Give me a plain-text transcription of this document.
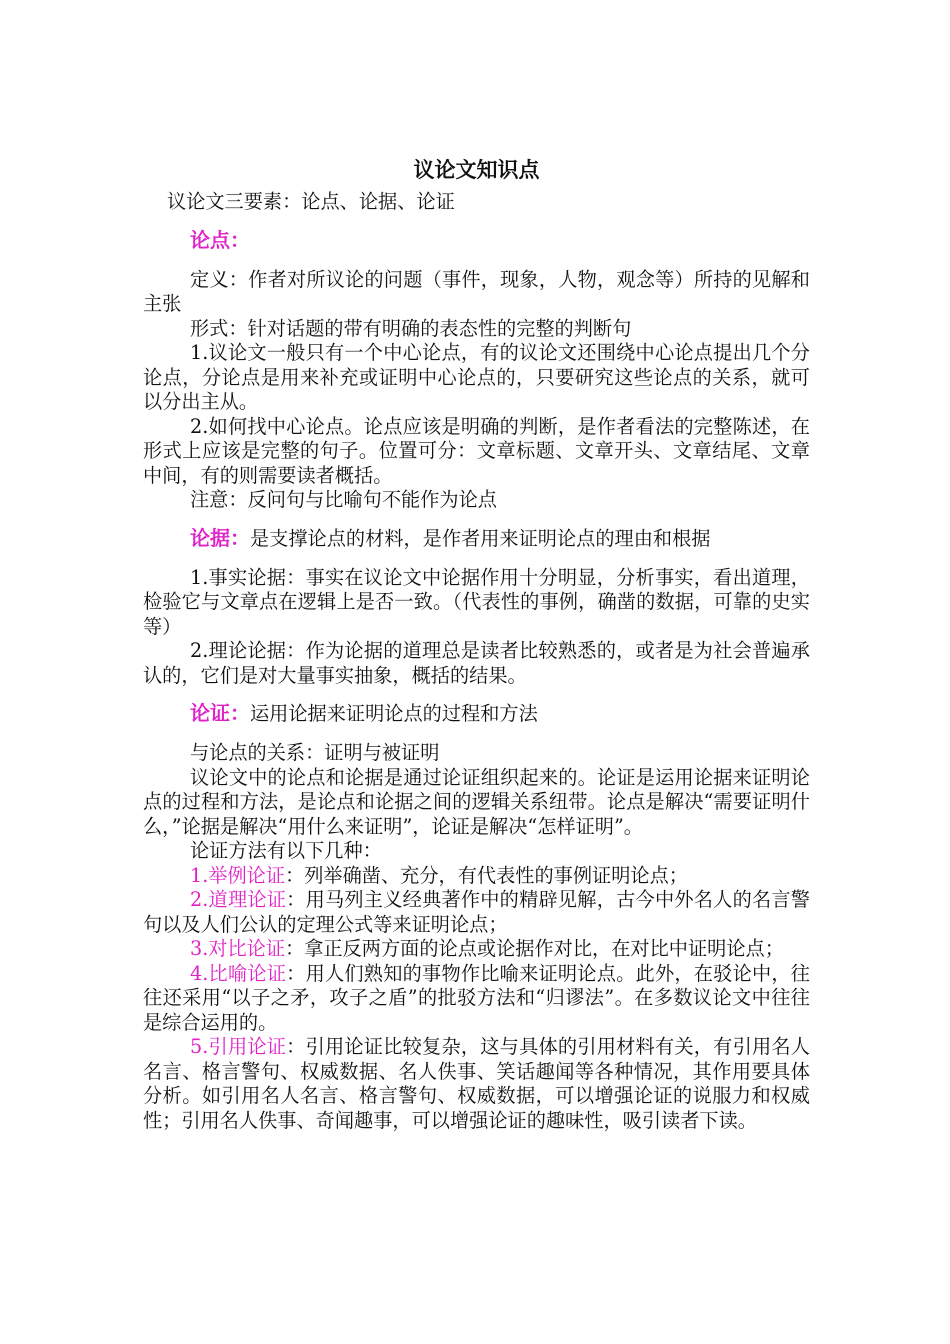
议论文知识点
议论文三要素：论点、论据、论证
论点：

定义：作者对所议论的问题（事件，现象，人物，观念等）所持的见解和主张

形式：针对话题的带有明确的表态性的完整的判断句

1.议论文一般只有一个中心论点，有的议论文还围绕中心论点提出几个分论点，分论点是用来补充或证明中心论点的，只要研究这些论点的关系，就可以分出主从。

2.如何找中心论点。论点应该是明确的判断，是作者看法的完整陈述，在形式上应该是完整的句子。位置可分：文章标题、文章开头、文章结尾、文章中间，有的则需要读者概括。

注意：反问句与比喻句不能作为论点

论据：是支撑论点的材料，是作者用来证明论点的理由和根据

1.事实论据：事实在议论文中论据作用十分明显，分析事实，看出道理，检验它与文章点在逻辑上是否一致。（代表性的事例，确凿的数据，可靠的史实等）

2.理论论据：作为论据的道理总是读者比较熟悉的，或者是为社会普遍承认的，它们是对大量事实抽象，概括的结果。

论证：运用论据来证明论点的过程和方法

与论点的关系：证明与被证明

议论文中的论点和论据是通过论证组织起来的。论证是运用论据来证明论点的过程和方法，是论点和论据之间的逻辑关系纽带。论点是解决“需要证明什么，”论据是解决“用什么来证明”，论证是解决“怎样证明”。

论证方法有以下几种：

1.举例论证：列举确凿、充分，有代表性的事例证明论点；

2.道理论证：用马列主义经典著作中的精辟见解，古今中外名人的名言警句以及人们公认的定理公式等来证明论点；

3.对比论证：拿正反两方面的论点或论据作对比，在对比中证明论点；

4.比喻论证：用人们熟知的事物作比喻来证明论点。此外，在驳论中，往往还采用“以子之矛，攻子之盾”的批驳方法和“归谬法”。在多数议论文中往往是综合运用的。

5.引用论证：引用论证比较复杂，这与具体的引用材料有关，有引用名人名言、格言警句、权威数据、名人佚事、笑话趣闻等各种情况，其作用要具体分析。如引用名人名言、格言警句、权威数据，可以增强论证的说服力和权威性；引用名人佚事、奇闻趣事，可以增强论证的趣味性，吸引读者下读。
